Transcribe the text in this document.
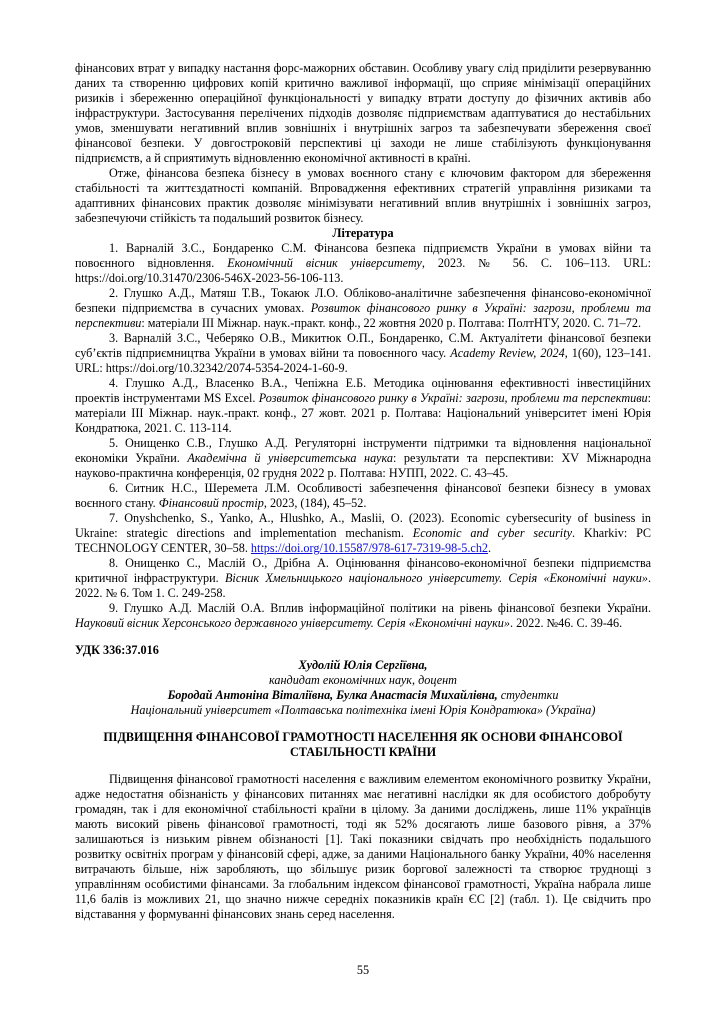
фінансових втрат у випадку настання форс-мажорних обставин. Особливу увагу слід приділити резервуванню даних та створенню цифрових копій критично важливої інформації, що сприяє мінімізації операційних ризиків і збереженню операційної функціональності у випадку втрати доступу до фізичних активів або інфраструктури. Застосування перелічених підходів дозволяє підприємствам адаптуватися до нестабільних умов, зменшувати негативний вплив зовнішніх і внутрішніх загроз та забезпечувати збереження своєї фінансової безпеки. У довгостроковій перспективі ці заходи не лише стабілізують функціонування підприємств, а й сприятимуть відновленню економічної активності в країні.

Отже, фінансова безпека бізнесу в умовах воєнного стану є ключовим фактором для збереження стабільності та життєздатності компаній. Впровадження ефективних стратегій управління ризиками та адаптивних фінансових практик дозволяє мінімізувати негативний вплив внутрішніх і зовнішніх загроз, забезпечуючи стійкість та подальший розвиток бізнесу.

Література

1. Варналій З.С., Бондаренко С.М. Фінансова безпека підприємств України в умовах війни та повоєнного відновлення. Економічний вісник університету, 2023. № 56. С. 106–113. URL: https://doi.org/10.31470/2306-546X-2023-56-106-113.

2. Глушко А.Д., Матяш Т.В., Токаюк Л.О. Обліково-аналітичне забезпечення фінансово-економічної безпеки підприємства в сучасних умовах. Розвиток фінансового ринку в Україні: загрози, проблеми та перспективи: матеріали ІІІ Міжнар. наук.-практ. конф., 22 жовтня 2020 р. Полтава: ПолтНТУ, 2020. С. 71–72.

3. Варналій З.С., Чеберяко О.В., Микитюк О.П., Бондаренко, С.М. Актуалітети фінансової безпеки суб’єктів підприємництва України в умовах війни та повоєнного часу. Academy Review, 2024, 1(60), 123–141. URL: https://doi.org/10.32342/2074-5354-2024-1-60-9.

4. Глушко А.Д., Власенко В.А., Чепіжна Е.Б. Методика оцінювання ефективності інвестиційних проектів інструментами MS Excel. Розвиток фінансового ринку в Україні: загрози, проблеми та перспективи: матеріали ІІІ Міжнар. наук.-практ. конф., 27 жовт. 2021 р. Полтава: Національний університет імені Юрія Кондратюка, 2021. С. 113-114.

5. Онищенко С.В., Глушко А.Д. Регуляторні інструменти підтримки та відновлення національної економіки України. Академічна й університетська наука: результати та перспективи: XV Міжнародна науково-практична конференція, 02 грудня 2022 р. Полтава: НУПП, 2022. С. 43–45.

6. Ситник Н.С., Шеремета Л.М. Особливості забезпечення фінансової безпеки бізнесу в умовах воєнного стану. Фінансовий простір, 2023, (184), 45–52.

7. Onyshchenko, S., Yanko, A., Hlushko, A., Maslii, O. (2023). Economic cybersecurity of business in Ukraine: strategic directions and implementation mechanism. Economic and cyber security. Kharkiv: PC TECHNOLOGY CENTER, 30–58. https://doi.org/10.15587/978-617-7319-98-5.ch2.

8. Онищенко С., Маслій О., Дрібна А. Оцінювання фінансово-економічної безпеки підприємства критичної інфраструктури. Вісник Хмельницького національного університету. Серія «Економічні науки». 2022. № 6. Том 1. С. 249-258.

9. Глушко А.Д. Маслій О.А. Вплив інформаційної політики на рівень фінансової безпеки України. Науковий вісник Херсонського державного університету. Серія «Економічні науки». 2022. №46. С. 39-46.

УДК 336:37.016

Худолій Юлія Сергіївна,

кандидат економічних наук, доцент

Бородай Антоніна Віталіївна, Булка Анастасія Михайлівна, студентки

Національний університет «Полтавська політехніка імені Юрія Кондратюка» (Україна)

ПІДВИЩЕННЯ ФІНАНСОВОЇ ГРАМОТНОСТІ НАСЕЛЕННЯ ЯК ОСНОВИ ФІНАНСОВОЇ СТАБІЛЬНОСТІ КРАЇНИ

Підвищення фінансової грамотності населення є важливим елементом економічного розвитку України, адже недостатня обізнаність у фінансових питаннях має негативні наслідки як для особистого добробуту громадян, так і для економічної стабільності країни в цілому. За даними досліджень, лише 11% українців мають високий рівень фінансової грамотності, тоді як 52% досягають лише базового рівня, а 37% залишаються із низьким рівнем обізнаності [1]. Такі показники свідчать про необхідність подальшого розвитку освітніх програм у фінансовій сфері, адже, за даними Національного банку України, 40% населення витрачають більше, ніж заробляють, що збільшує ризик боргової залежності та створює труднощі з управлінням особистими фінансами. За глобальним індексом фінансової грамотності, Україна набрала лише 11,6 балів із можливих 21, що значно нижче середніх показників країн ЄС [2] (табл. 1). Це свідчить про відставання у формуванні фінансових знань серед населення.

55
